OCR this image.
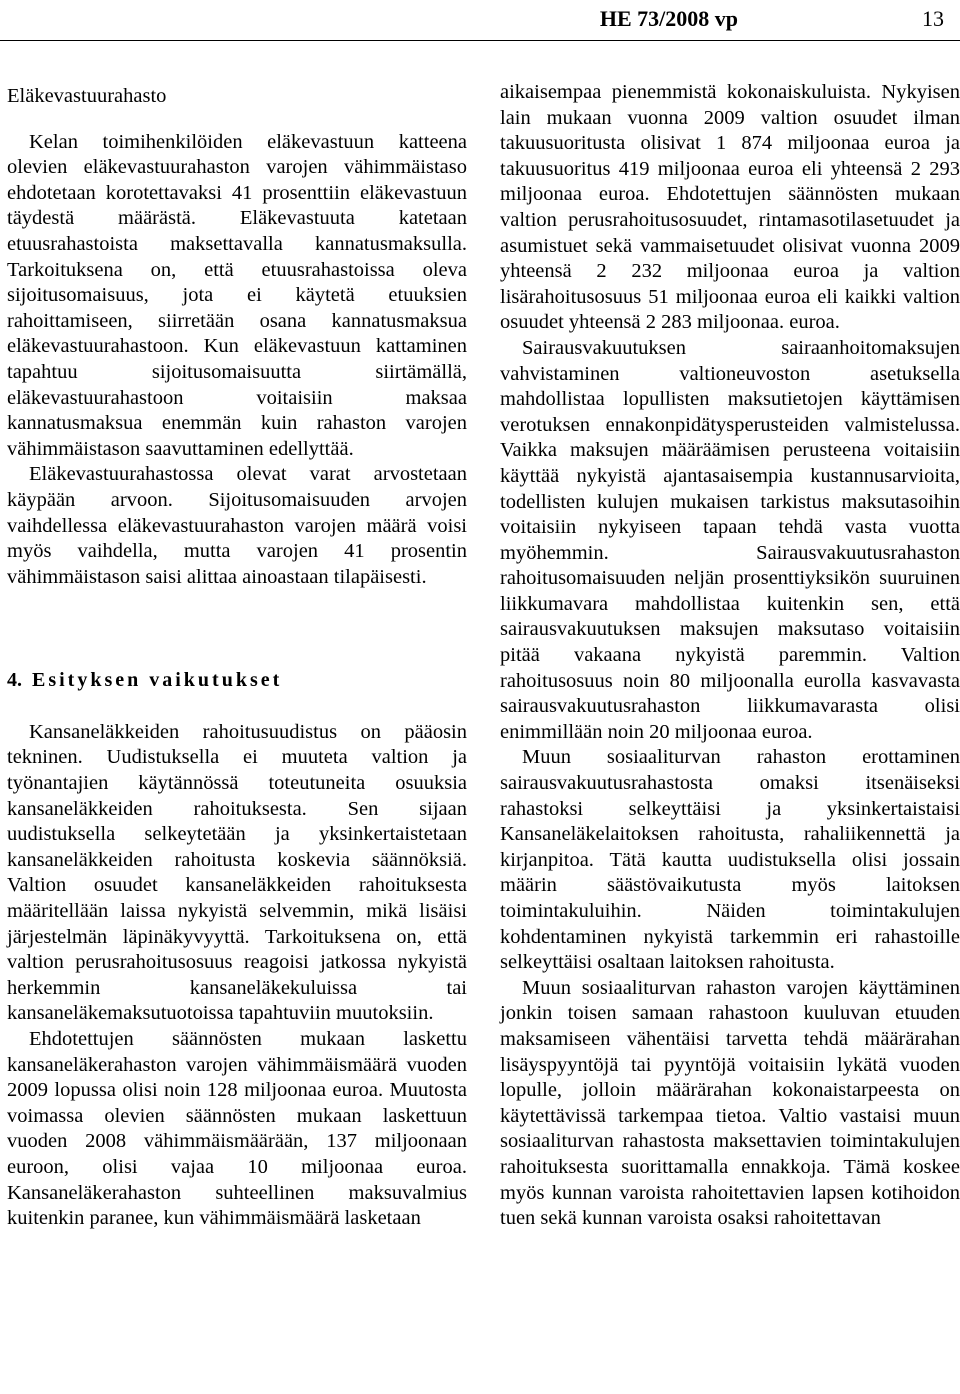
HE 73/2008 vp	13

Eläkevastuurahasto

Kelan toimihenkilöiden eläkevastuun katteena olevien eläkevastuurahaston varojen vähimmäistaso ehdotetaan korotettavaksi 41 prosenttiin eläkevastuun täydestä määrästä. Eläkevastuuta katetaan etuusrahastoista maksettavalla kannatusmaksulla. Tarkoituksena on, että etuusrahastoissa oleva sijoitusomaisuus, jota ei käytetä etuuksien rahoittamiseen, siirretään osana kannatusmaksua eläkevastuurahastoon. Kun eläkevastuun kattaminen tapahtuu sijoitusomaisuutta siirtämällä, eläkevastuurahastoon voitaisiin maksaa kannatusmaksua enemmän kuin rahaston varojen vähimmäistason saavuttaminen edellyttää.

Eläkevastuurahastossa olevat varat arvostetaan käypään arvoon. Sijoitusomaisuuden arvojen vaihdellessa eläkevastuurahaston varojen määrä voisi myös vaihdella, mutta varojen 41 prosentin vähimmäistason saisi alittaa ainoastaan tilapäisesti.

4. Esityksen vaikutukset

Kansaneläkkeiden rahoitusuudistus on pääosin tekninen. Uudistuksella ei muuteta valtion ja työnantajien käytännössä toteutuneita osuuksia kansaneläkkeiden rahoituksesta. Sen sijaan uudistuksella selkeytetään ja yksinkertaistetaan kansaneläkkeiden rahoitusta koskevia säännöksiä. Valtion osuudet kansaneläkkeiden rahoituksesta määritellään laissa nykyistä selvemmin, mikä lisäisi järjestelmän läpinäkyvyyttä. Tarkoituksena on, että valtion perusrahoitusosuus reagoisi jatkossa nykyistä herkemmin kansaneläkekuluissa tai kansaneläkemaksutuotoissa tapahtuviin muutoksiin.

Ehdotettujen säännösten mukaan laskettu kansaneläkerahaston varojen vähimmäismäärä vuoden 2009 lopussa olisi noin 128 miljoonaa euroa. Muutosta voimassa olevien säännösten mukaan laskettuun vuoden 2008 vähimmäismäärään, 137 miljoonaan euroon, olisi vajaa 10 miljoonaa euroa. Kansaneläkerahaston suhteellinen maksuvalmius kuitenkin paranee, kun vähimmäismäärä lasketaan

aikaisempaa pienemmistä kokonaiskuluista. Nykyisen lain mukaan vuonna 2009 valtion osuudet ilman takuusuoritusta olisivat 1 874 miljoonaa euroa ja takuusuoritus 419 miljoonaa euroa eli yhteensä 2 293 miljoonaa euroa. Ehdotettujen säännösten mukaan valtion perusrahoitusosuudet, rintamasotilasetuudet ja asumistuet sekä vammaisetuudet olisivat vuonna 2009 yhteensä 2 232 miljoonaa euroa ja valtion lisärahoitusosuus 51 miljoonaa euroa eli kaikki valtion osuudet yhteensä 2 283 miljoonaa. euroa.

Sairausvakuutuksen sairaanhoitomaksujen vahvistaminen valtioneuvoston asetuksella mahdollistaa lopullisten maksutietojen käyttämisen verotuksen ennakonpidätysperusteiden valmistelussa. Vaikka maksujen määräämisen perusteena voitaisiin käyttää nykyistä ajantasaisempia kustannusarvioita, todellisten kulujen mukaisen tarkistus maksutasoihin voitaisiin nykyiseen tapaan tehdä vasta vuotta myöhemmin. Sairausvakuutusrahaston rahoitusomaisuuden neljän prosenttiyksikön suuruinen liikkumavara mahdollistaa kuitenkin sen, että sairausvakuutuksen maksujen maksutaso voitaisiin pitää vakaana nykyistä paremmin. Valtion rahoitusosuus noin 80 miljoonalla eurolla kasvavasta sairausvakuutusrahaston liikkumavarasta olisi enimmillään noin 20 miljoonaa euroa.

Muun sosiaaliturvan rahaston erottaminen sairausvakuutusrahastosta omaksi itsenäiseksi rahastoksi selkeyttäisi ja yksinkertaistaisi Kansaneläkelaitoksen rahoitusta, rahaliikennettä ja kirjanpitoa. Tätä kautta uudistuksella olisi jossain määrin säästövaikutusta myös laitoksen toimintakuluihin. Näiden toimintakulujen kohdentaminen nykyistä tarkemmin eri rahastoille selkeyttäisi osaltaan laitoksen rahoitusta.

Muun sosiaaliturvan rahaston varojen käyttäminen jonkin toisen samaan rahastoon kuuluvan etuuden maksamiseen vähentäisi tarvetta tehdä määrärahan lisäyspyyntöjä tai pyyntöjä voitaisiin lykätä vuoden lopulle, jolloin määrärahan kokonaistarpeesta on käytettävissä tarkempaa tietoa. Valtio vastaisi muun sosiaaliturvan rahastosta maksettavien toimintakulujen rahoituksesta suorittamalla ennakkoja. Tämä koskee myös kunnan varoista rahoitettavien lapsen kotihoidon tuen sekä kunnan varoista osaksi rahoitettavan
